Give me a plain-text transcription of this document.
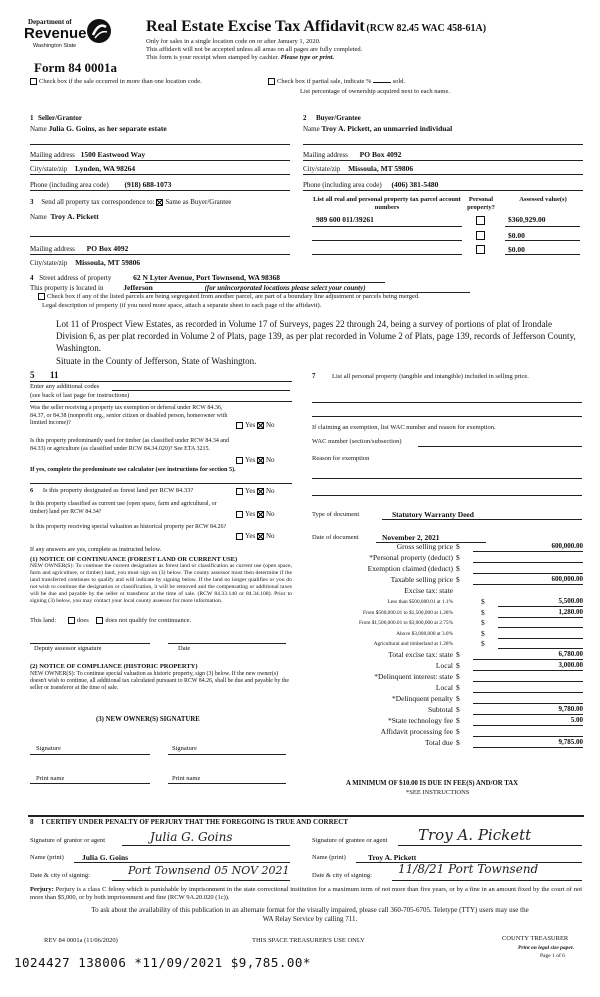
Department of
Revenue
Washington State
Form 84 0001a
Real Estate Excise Tax Affidavit (RCW 82.45 WAC 458-61A)
Only for sales in a single location code on or after January 1, 2020.
This affidavit will not be accepted unless all areas on all pages are fully completed.
This form is your receipt when stamped by cashier. Please type or print.
Check box if the sale occurred in more than one location code.	Check box if partial sale, indicate %	sold.
List percentage of ownership acquired next to each name.
1 Seller/Grantor
Name Julia G. Goins, as her separate estate
Mailing address 1500 Eastwood Way
City/state/zip Lynden, WA 98264
Phone (including area code) (918) 688-1073
2 Buyer/Grantee
Name Troy A. Pickett, an unmarried individual
Mailing address PO Box 4092
City/state/zip Missoula, MT 59806
Phone (including area code) (406) 381-5480
3 Send all property tax correspondence to: Same as Buyer/Grantee
Name Troy A. Pickett
Mailing address PO Box 4092
City/state/zip Missoula, MT 59806
List all real and personal property tax parcel account numbers
Personal property?
Assessed value(s)
989 600 011/39261	$360,929.00
$0.00
$0.00
4 Street address of property	62 N Lyter Avenue, Port Townsend, WA 98368
This property is located in	Jefferson	(for unincorporated locations please select your county)
Check box if any of the listed parcels are being segregated from another parcel, are part of a boundary line adjustment or parcels being merged.
Legal description of property (if you need more space, attach a separate sheet to each page of the affidavit).
Lot 11 of Prospect View Estates, as recorded in Volume 17 of Surveys, pages 22 through 24, being a survey of portions of plat of Irondale Division 6, as per plat recorded in Volume 2 of Plats, page 139, as per plat recorded in Volume 2 of Plats, page 139, records of Jefferson County, Washington.
Situate in the County of Jefferson, State of Washington.
5 11
Enter any additional codes
(see back of last page for instructions)
Was the seller receiving a property tax exemption or deferral under RCW 84.36, 84.37, or 84.38 (nonprofit org., senior citizen or disabled person, homeowner with limited income)?	Yes No
Is this property predominantly used for timber (as classified under RCW 84.34 and 84.33) or agriculture (as classified under RCW 84.34.020)? See ETA 3215.
Yes No
If yes, complete the predominate use calculator (see instructions for section 5).
6 Is this property designated as forest land per RCW 84.33?	Yes No
Is this property classified as current use (open space, farm and agricultural, or timber) land per RCW 84.34?	Yes No
Is this property receiving special valuation as historical property per RCW 84.26?
Yes No
If any answers are yes, complete as instructed below.
(1) NOTICE OF CONTINUANCE (FOREST LAND OR CURRENT USE)
NEW OWNER(S): To continue the current designation as forest land or classification as current use (open space, farm and agriculture, or timber) land, you must sign on (3) below. The county assessor must then determine if the land transferred continues to qualify and will indicate by signing below. If the land no longer qualifies or you do not wish to continue the designation or classification, it will be removed and the compensating or additional taxes will be due and payable by the seller or transferor at the time of sale. (RCW 84.33.140 or 84.34.108). Prior to signing (3) below, you may contact your local county assessor for more information.
This land:	does	does not qualify for continuance.
Deputy assessor signature	Date
(2) NOTICE OF COMPLIANCE (HISTORIC PROPERTY)
NEW OWNER(S): To continue special valuation as historic property, sign (3) below. If the new owner(s) doesn't wish to continue, all additional tax calculated pursuant to RCW 84.26, shall be due and payable by the seller or transferor at the time of sale.
(3) NEW OWNER(S) SIGNATURE
Signature	Signature
Print name	Print name
7	List all personal property (tangible and intangible) included in selling price.
If claiming an exemption, list WAC number and reason for exemption.
WAC number (section/subsection)
Reason for exemption
Type of document	Statutory Warranty Deed
Date of document	November 2, 2021
Gross selling price $	600,000.00
*Personal property (deduct) $
Exemption claimed (deduct) $
Taxable selling price $	600,000.00
Excise tax: state
Less than $500,000.01 at 1.1%	$	5,500.00
From $500,000.01 to $1,500,000 at 1.28%	$	1,280.00
From $1,500,000.01 to $3,000,000 at 2.75%	$
Above $3,000,000 at 3.0%	$
Agricultural and timberland at 1.28%	$
Total excise tax: state $	6,780.00
Local $	3,000.00
*Delinquent interest: state $
Local $
*Delinquent penalty $
Subtotal $	9,780.00
*State technology fee $	5.00
Affidavit processing fee $
Total due $	9,785.00
A MINIMUM OF $10.00 IS DUE IN FEE(S) AND/OR TAX
*SEE INSTRUCTIONS
8 I CERTIFY UNDER PENALTY OF PERJURY THAT THE FOREGOING IS TRUE AND CORRECT
Signature of grantor or agent	Julia G. Goins	Signature of grantee or agent Troy A. Pickett
Name (print) Julia G. Goins	Name (print)	Troy A. Pickett
Date & city of signing:	Port Townsend 05 NOV 2021	Date & city of signing: 11/8/21 Port Townsend
Perjury: Perjury is a class C felony which is punishable by imprisonment in the state correctional institution for a maximum term of not more than five years, or by a fine in an amount fixed by the court of not more than $5,000, or by both imprisonment and fine (RCW 9A.20.020 (1c)).
To ask about the availability of this publication in an alternate format for the visually impaired, please call 360-705-6705. Teletype (TTY) users may use the WA Relay Service by calling 711.
REV 84 0001a (11/06/2020)	THIS SPACE TREASURER'S USE ONLY	COUNTY TREASURER
Print on legal size paper.
Page 1 of 6
1024427 138006 *11/09/2021 $9,785.00*
